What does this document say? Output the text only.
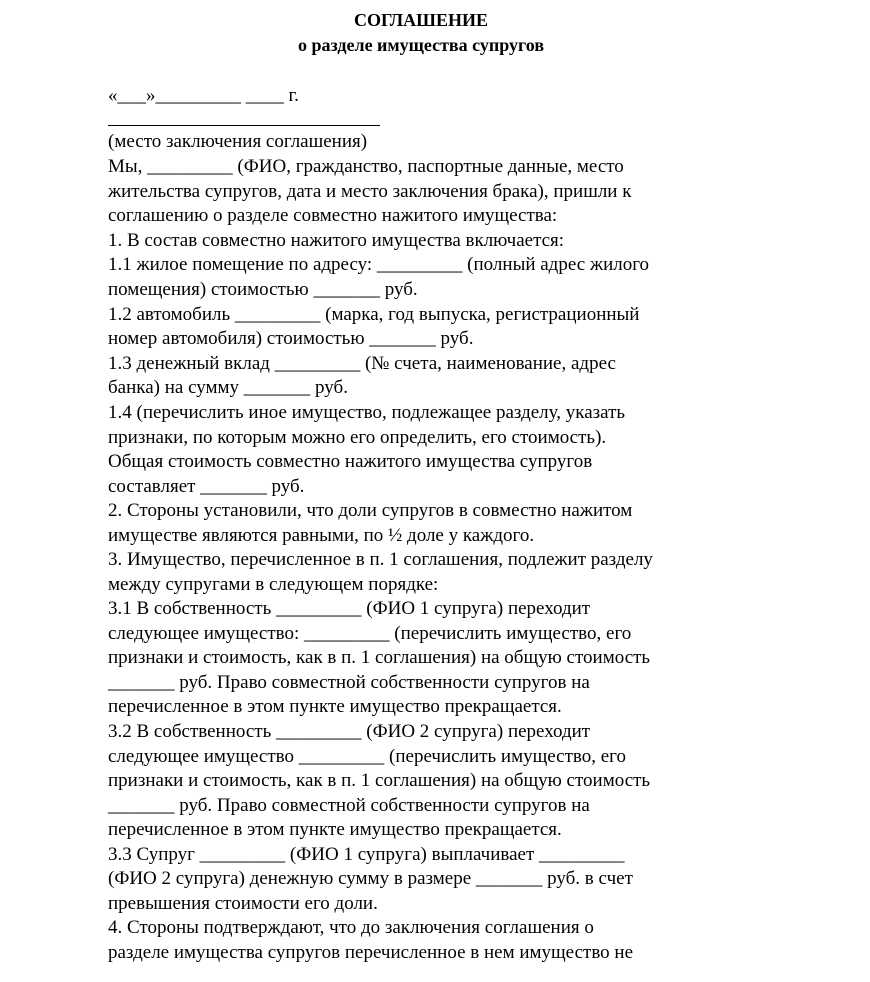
СОГЛАШЕНИЕ
о разделе имущества супругов
«___»_________ ____ г.
(место заключения соглашения)
Мы, _________ (ФИО, гражданство, паспортные данные, место
жительства супругов, дата и место заключения брака), пришли к
соглашению о разделе совместно нажитого имущества:
1. В состав совместно нажитого имущества включается:
1.1 жилое помещение по адресу: _________ (полный адрес жилого
помещения) стоимостью _______ руб.
1.2 автомобиль _________ (марка, год выпуска, регистрационный
номер автомобиля) стоимостью _______ руб.
1.3 денежный вклад _________ (№ счета, наименование, адрес
банка) на сумму _______ руб.
1.4 (перечислить иное имущество, подлежащее разделу, указать
признаки, по которым можно его определить, его стоимость).
Общая стоимость совместно нажитого имущества супругов
составляет _______ руб.
2. Стороны установили, что доли супругов в совместно нажитом
имуществе являются равными, по ½ доле у каждого.
3. Имущество, перечисленное в п. 1 соглашения, подлежит разделу
между супругами в следующем порядке:
3.1 В собственность _________ (ФИО 1 супруга) переходит
следующее имущество: _________ (перечислить имущество, его
признаки и стоимость, как в п. 1 соглашения) на общую стоимость
_______ руб. Право совместной собственности супругов на
перечисленное в этом пункте имущество прекращается.
3.2 В собственность _________ (ФИО 2 супруга) переходит
следующее имущество _________ (перечислить имущество, его
признаки и стоимость, как в п. 1 соглашения) на общую стоимость
_______ руб. Право совместной собственности супругов на
перечисленное в этом пункте имущество прекращается.
3.3 Супруг _________ (ФИО 1 супруга) выплачивает _________
(ФИО 2 супруга) денежную сумму в размере _______ руб. в счет
превышения стоимости его доли.
4. Стороны подтверждают, что до заключения соглашения о
разделе имущества супругов перечисленное в нем имущество не
